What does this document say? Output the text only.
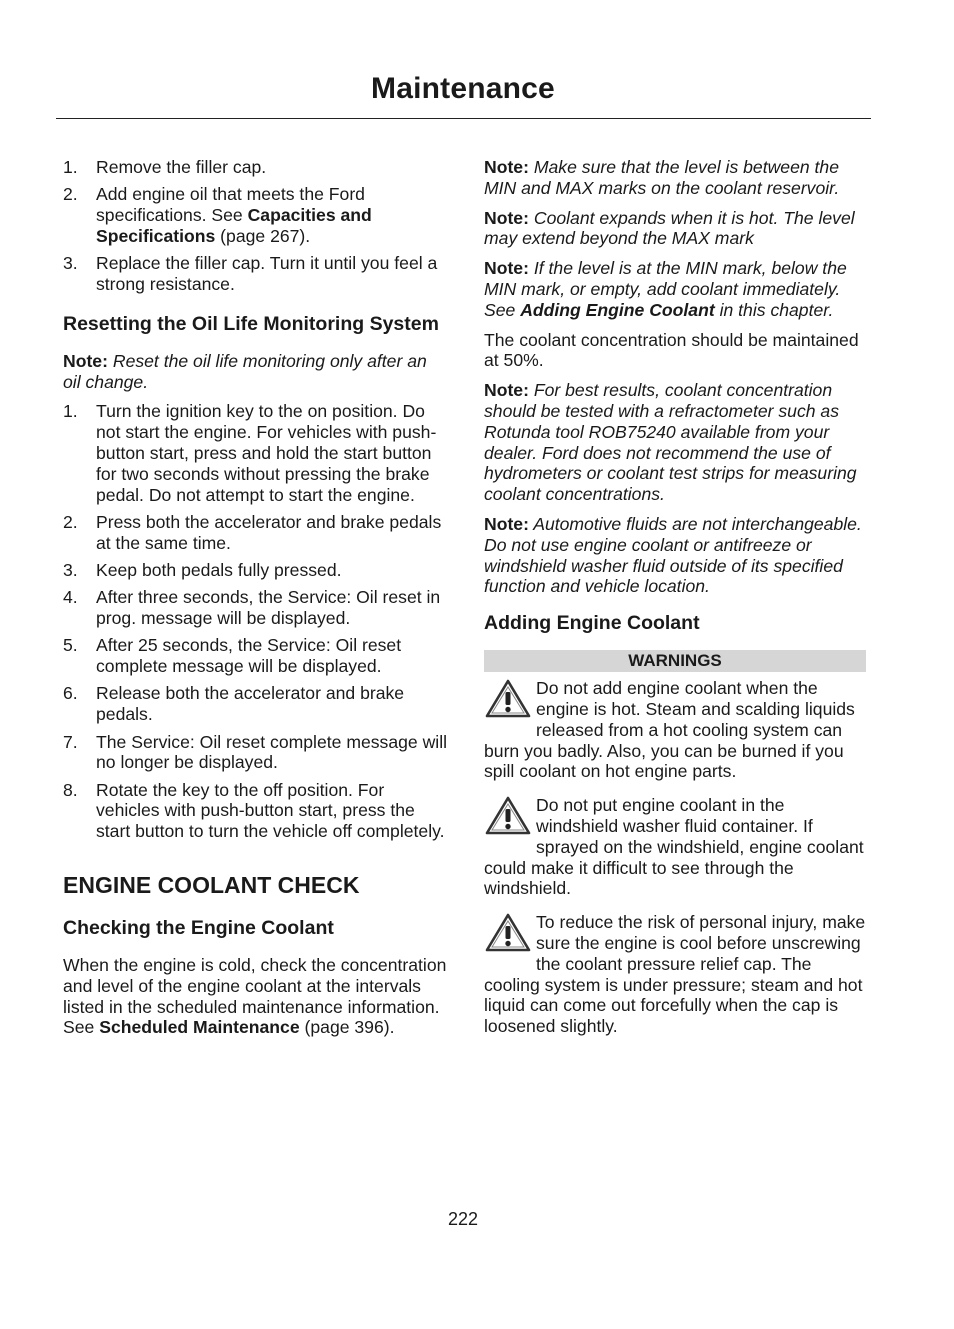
Maintenance
1. Remove the filler cap.
2. Add engine oil that meets the Ford specifications. See Capacities and Specifications (page 267).
3. Replace the filler cap. Turn it until you feel a strong resistance.
Resetting the Oil Life Monitoring System

Note: Reset the oil life monitoring only after an oil change.

1. Turn the ignition key to the on position. Do not start the engine. For vehicles with push-button start, press and hold the start button for two seconds without pressing the brake pedal. Do not attempt to start the engine.
2. Press both the accelerator and brake pedals at the same time.
3. Keep both pedals fully pressed.
4. After three seconds, the Service: Oil reset in prog. message will be displayed.
5. After 25 seconds, the Service: Oil reset complete message will be displayed.
6. Release both the accelerator and brake pedals.
7. The Service: Oil reset complete message will no longer be displayed.
8. Rotate the key to the off position. For vehicles with push-button start, press the start button to turn the vehicle off completely.
ENGINE COOLANT CHECK
Checking the Engine Coolant

When the engine is cold, check the concentration and level of the engine coolant at the intervals listed in the scheduled maintenance information. See Scheduled Maintenance (page 396).

Note: Make sure that the level is between the MIN and MAX marks on the coolant reservoir.

Note: Coolant expands when it is hot. The level may extend beyond the MAX mark

Note: If the level is at the MIN mark, below the MIN mark, or empty, add coolant immediately. See Adding Engine Coolant in this chapter.

The coolant concentration should be maintained at 50%.

Note: For best results, coolant concentration should be tested with a refractometer such as Rotunda tool ROB75240 available from your dealer. Ford does not recommend the use of hydrometers or coolant test strips for measuring coolant concentrations.

Note: Automotive fluids are not interchangeable. Do not use engine coolant or antifreeze or windshield washer fluid outside of its specified function and vehicle location.

Adding Engine Coolant
WARNINGS
Do not add engine coolant when the engine is hot. Steam and scalding liquids released from a hot cooling system can burn you badly. Also, you can be burned if you spill coolant on hot engine parts.
Do not put engine coolant in the windshield washer fluid container. If sprayed on the windshield, engine coolant could make it difficult to see through the windshield.
To reduce the risk of personal injury, make sure the engine is cool before unscrewing the coolant pressure relief cap. The cooling system is under pressure; steam and hot liquid can come out forcefully when the cap is loosened slightly.
222
